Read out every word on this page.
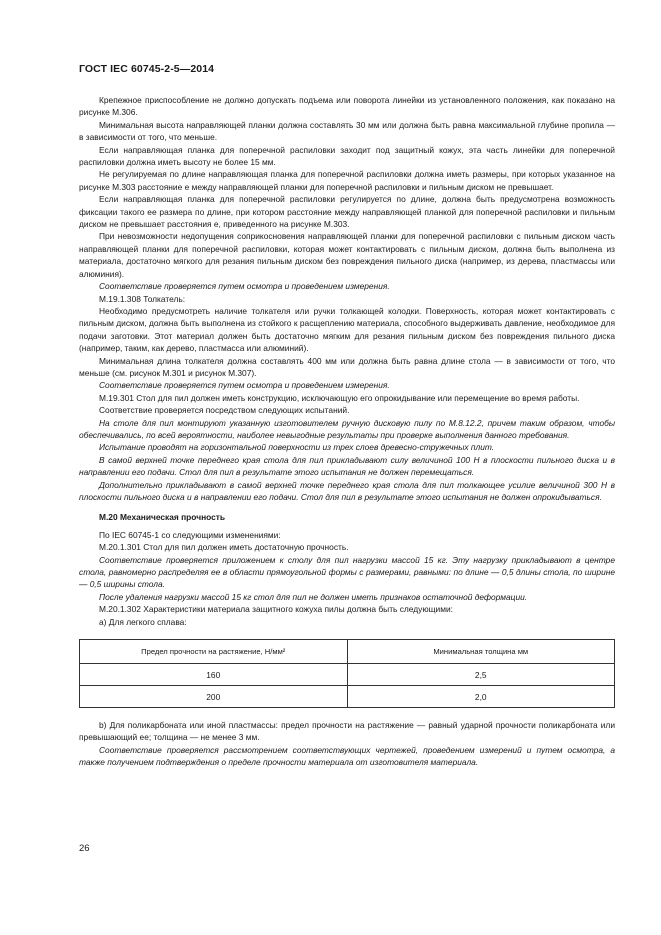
ГОСТ IEC 60745-2-5—2014

Крепежное приспособление не должно допускать подъема или поворота линейки из установленного положения, как показано на рисунке М.306.

Минимальная высота направляющей планки должна составлять 30 мм или должна быть равна максимальной глубине пропила — в зависимости от того, что меньше.

Если направляющая планка для поперечной распиловки заходит под защитный кожух, эта часть линейки для поперечной распиловки должна иметь высоту не более 15 мм.

Не регулируемая по длине направляющая планка для поперечной распиловки должна иметь размеры, при которых указанное на рисунке М.303 расстояние e между направляющей планки для поперечной распиловки и пильным диском не превышает.

Если направляющая планка для поперечной распиловки регулируется по длине, должна быть предусмотрена возможность фиксации такого ее размера по длине, при котором расстояние между направляющей планкой для поперечной распиловки и пильным диском не превышает расстояния e, приведенного на рисунке М.303.

При невозможности недопущения соприкосновения направляющей планки для поперечной распиловки с пильным диском часть направляющей планки для поперечной распиловки, которая может контактировать с пильным диском, должна быть выполнена из материала, достаточно мягкого для резания пильным диском без повреждения пильного диска (например, из дерева, пластмассы или алюминия).

Соответствие проверяется путем осмотра и проведением измерения.

М.19.1.308 Толкатель:

Необходимо предусмотреть наличие толкателя или ручки толкающей колодки. Поверхность, которая может контактировать с пильным диском, должна быть выполнена из стойкого к расщеплению материала, способного выдерживать давление, необходимое для подачи заготовки. Этот материал должен быть достаточно мягким для резания пильным диском без повреждения пильного диска (например, таким, как дерево, пластмасса или алюминий).

Минимальная длина толкателя должна составлять 400 мм или должна быть равна длине стола — в зависимости от того, что меньше (см. рисунок М.301 и рисунок М.307).

Соответствие проверяется путем осмотра и проведением измерения.

М.19.301 Стол для пил должен иметь конструкцию, исключающую его опрокидывание или перемещение во время работы.

Соответствие проверяется посредством следующих испытаний.

На столе для пил монтируют указанную изготовителем ручную дисковую пилу по М.8.12.2, причем таким образом, чтобы обеспечивались, по всей вероятности, наиболее невыгодные результаты при проверке выполнения данного требования.

Испытание проводят на горизонтальной поверхности из трех слоев древесно-стружечных плит.

В самой верхней точке переднего края стола для пил прикладывают силу величиной 100 Н в плоскости пильного диска и в направлении его подачи. Стол для пил в результате этого испытания не должен перемещаться.

Дополнительно прикладывают в самой верхней точке переднего края стола для пил толкающее усилие величиной 300 Н в плоскости пильного диска и в направлении его подачи. Стол для пил в результате этого испытания не должен опрокидываться.

М.20 Механическая прочность

По IEC 60745-1 со следующими изменениями:

М.20.1.301 Стол для пил должен иметь достаточную прочность.

Соответствие проверяется приложением к столу для пил нагрузки массой 15 кг. Эту нагрузку прикладывают в центре стола, равномерно распределяя ее в области прямоугольной формы с размерами, равными: по длине — 0,5 длины стола, по ширине — 0,5 ширины стола.

После удаления нагрузки массой 15 кг стол для пил не должен иметь признаков остаточной деформации.

М.20.1.302 Характеристики материала защитного кожуха пилы должна быть следующими:

a) Для легкого сплава:

Предел прочности на растяжение, Н/мм²	Минимальная толщина мм
160	2,5
200	2,0

b) Для поликарбоната или иной пластмассы: предел прочности на растяжение — равный ударной прочности поликарбоната или превышающий ее; толщина — не менее 3 мм.

Соответствие проверяется рассмотрением соответствующих чертежей, проведением измерений и путем осмотра, а также получением подтверждения о пределе прочности материала от изготовителя материала.

26
